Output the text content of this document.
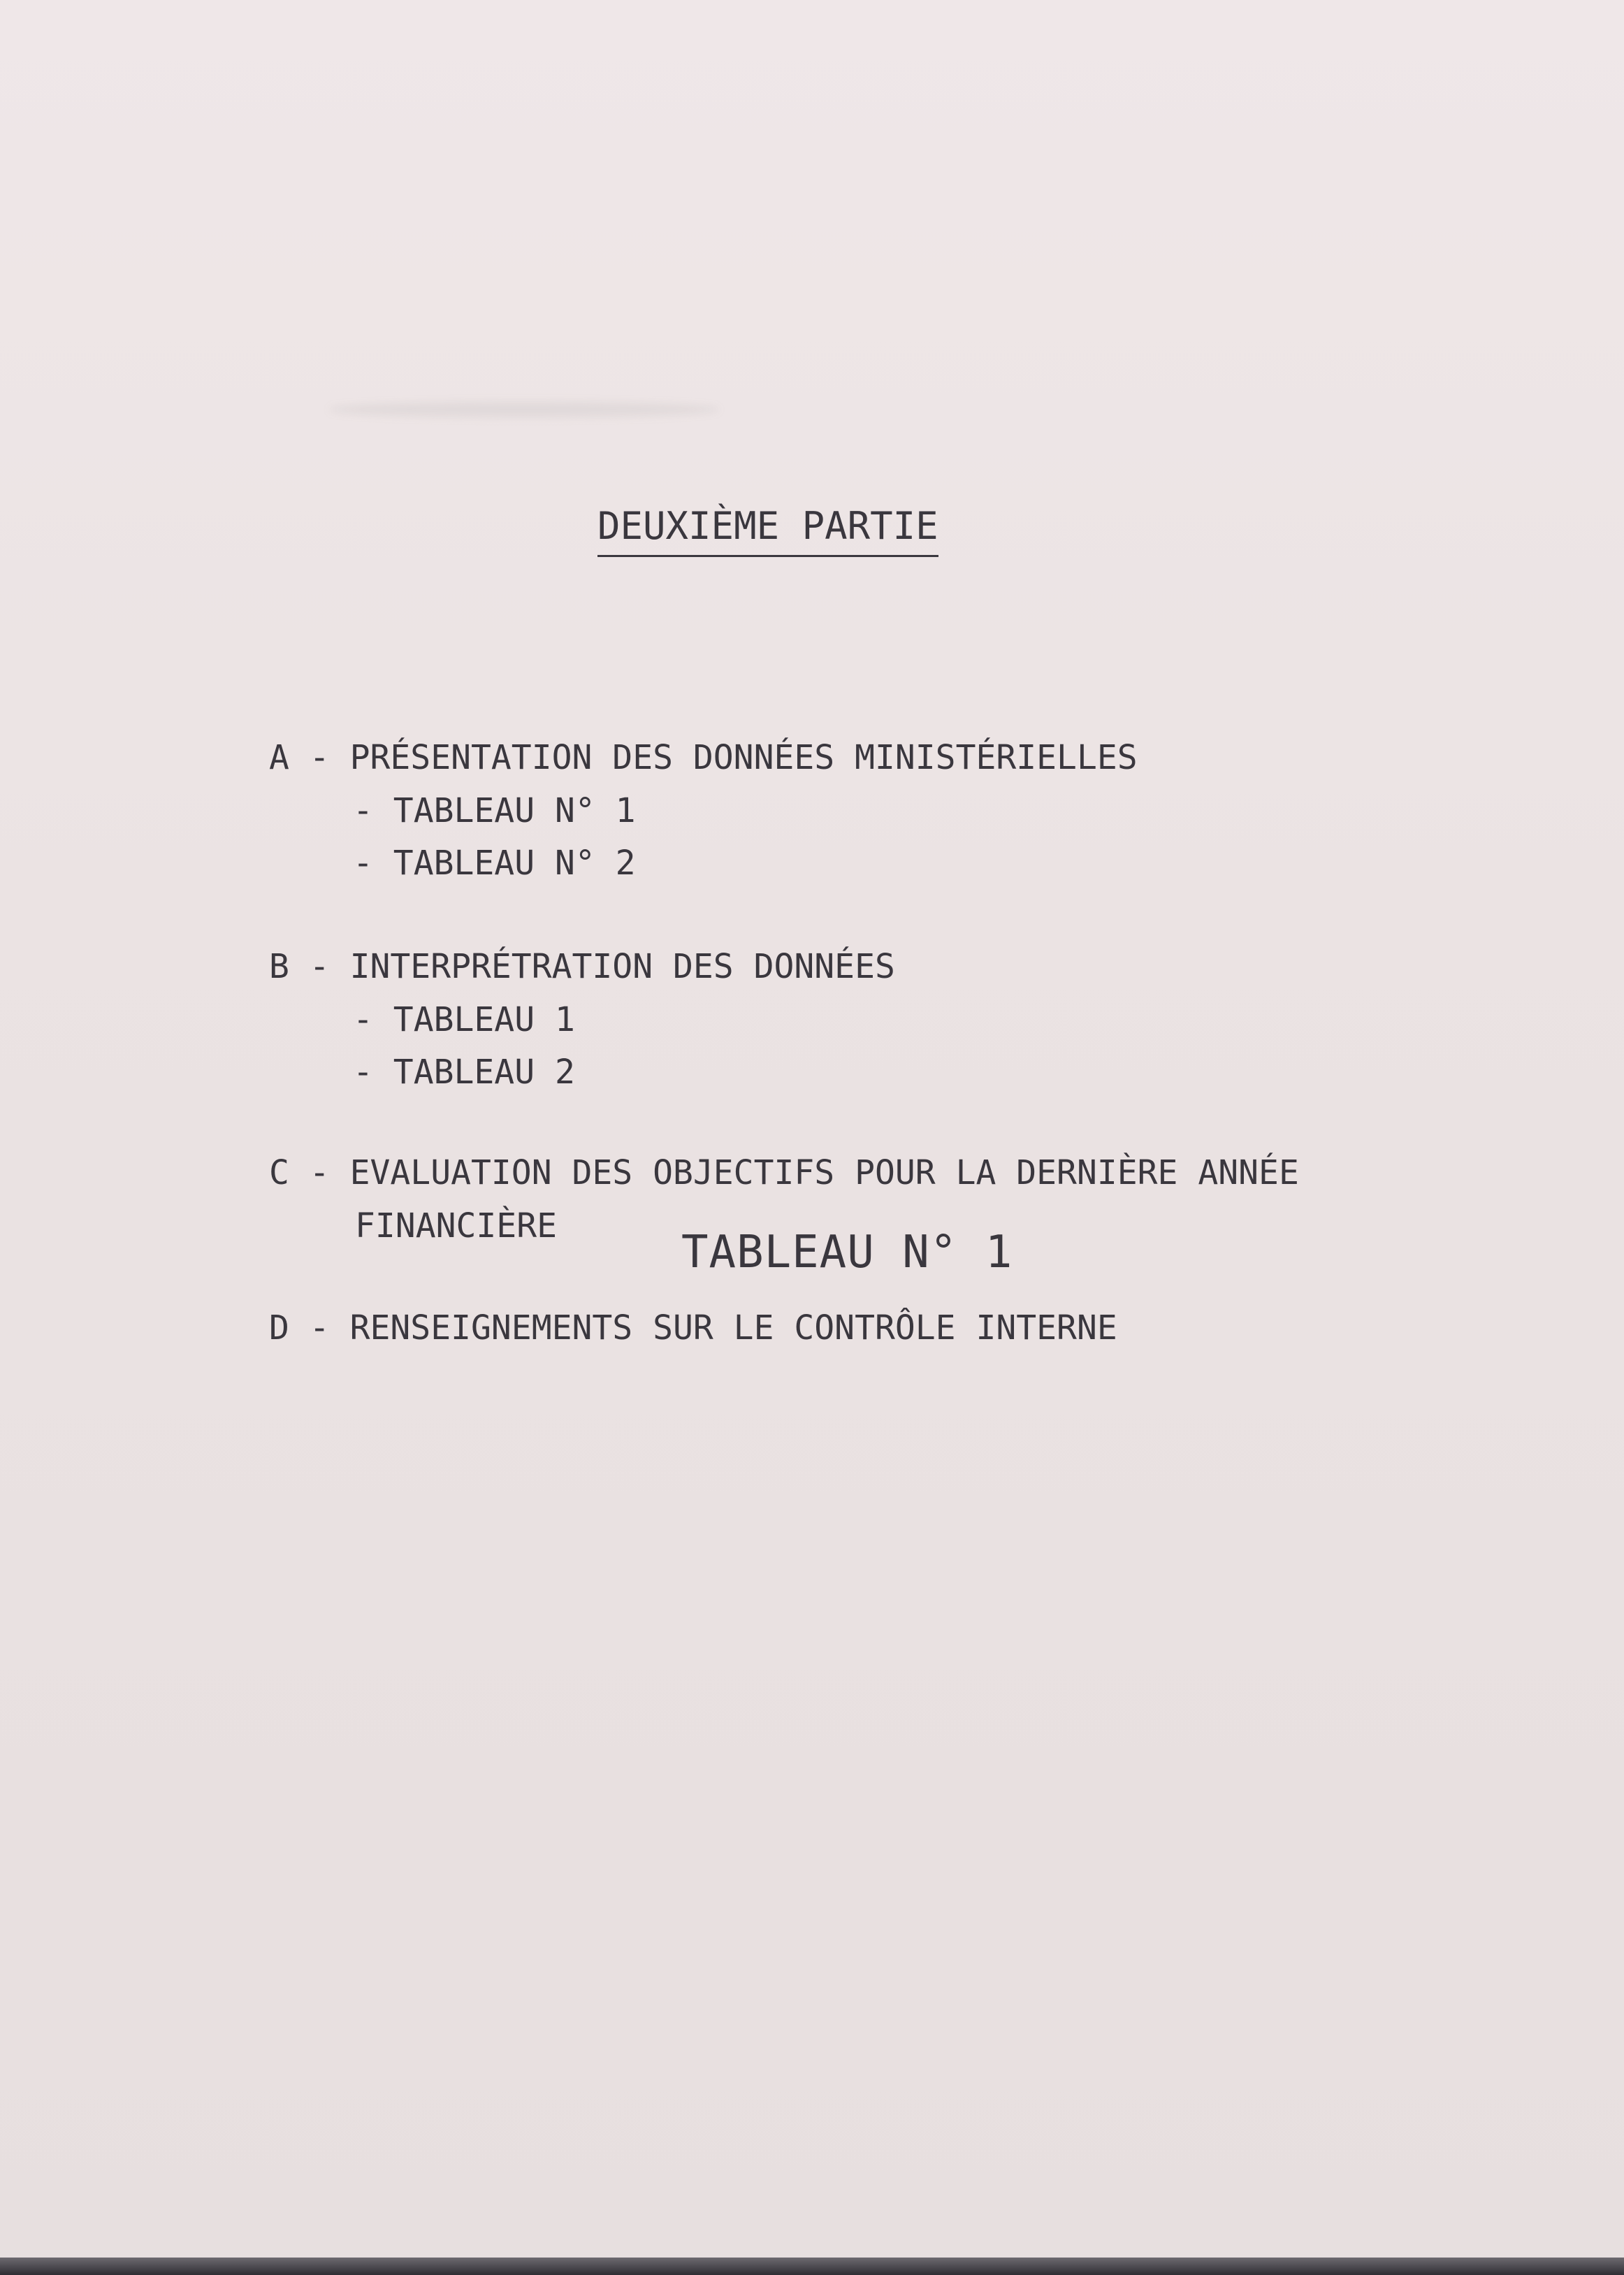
TABLEAU N° 1
DEUXIÈME PARTIE
A - PRÉSENTATION DES DONNÉES MINISTÉRIELLES
- TABLEAU N° 1
- TABLEAU N° 2
B - INTERPRÉTRATION DES DONNÉES
- TABLEAU 1
- TABLEAU 2
C - EVALUATION DES OBJECTIFS POUR LA DERNIÈRE ANNÉE
FINANCIÈRE
D - RENSEIGNEMENTS SUR LE CONTRÔLE INTERNE
